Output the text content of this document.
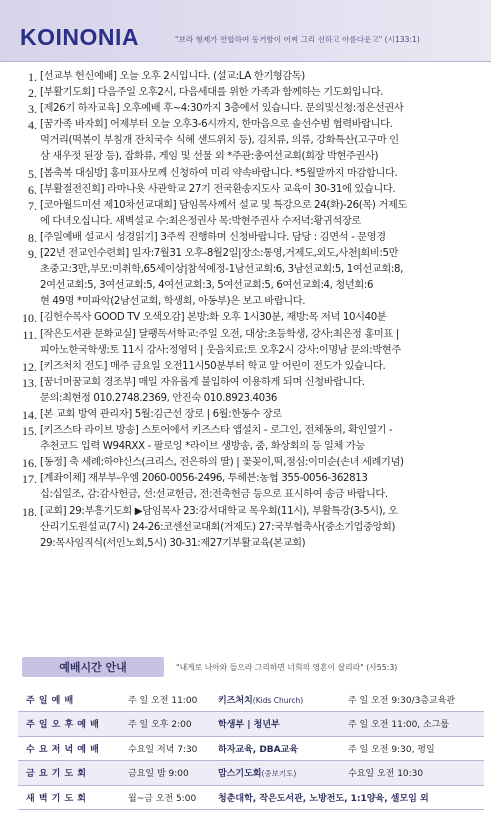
KOINONIA	"보라 형제가 연합하여 동거함이 어찌 그리 선하고 아름다운고" (시133:1)
1. [선교부 헌신예배] 오늘 오후 2시입니다. (설교:LA 한기형감독)
2. [부활기도회] 다음주일 오후2시, 다음세대를 위한 가족과 함께하는 기도회입니다.
3. [제26기 하자교육] 오후예배 후~4:30까지 3층에서 있습니다. 문의및신청:정은선권사
4. [꿈가족 바자회] 어제부터 오늘 오후3-6시까지, 한마음으로 솔선수범 협력바랍니다.
먹거리(떡볶이 부침개 잔치국수 식혜 샌드위치 등), 김치류, 의류, 강화특산(고구마 인
삼 새우젓 된장 등), 잡화류, 게임 및 선물 외 *주관:총여선교회(회장 박현주권사)
5. [봄축복 대심방] 홍미표사모께 신청하여 미리 약속바랍니다. *5월말까지 마감합니다.
6. [부활절전진회] 라마나욧 사관학교 27기 전국환송지도사 교육이 30-31에 있습니다.
7. [코아월드미션 제10차선교대회] 담임목사께서 설교 및 특강으로 24(화)-26(목) 거제도
에 다녀오십니다. 새벽설교 수:최은정권사 목:박현주권사 수저녁:황귀석장로
8. [주일예배 설교시 성경읽기] 3주씩 진행하며 신청바랍니다. 담당 : 김면석 - 문영경
9. [22년 전교인수련회] 일자:7월31 오후-8월2일|장소:통영,거제도,외도,사천|회비:5만
초중고:3만,부모:미취학,65세이상|참석예정-1남선교회:6, 3남선교회:5, 1여선교회:8,
2여선교회:5, 3여선교회:5, 4여선교회:3, 5여선교회:5, 6여선교회:4, 청년회:6
현 49명 *미파악(2남선교회, 학생회, 아동부)은 보고 바랍니다.
10. [김헌수목사 GOOD TV 오색오감] 본방:화 오후 1시30분, 재방:목 저녁 10시40분
11. [작은도서관 문화교실] 달팽독서학교:주일 오전, 대상:초등학생, 강사:최은정 홍미표 |
피아노한국학생:토 11시 강사:정영덕 | 웃음치료:토 오후2시 강사:이명남 문의:박현주
12. [키즈처치 전도] 매주 금요일 오전11시50분부터 학교 앞 어린이 전도가 있습니다.
13. [꿈너머꿈교회 경조부] 매일 자유롭게 불입하여 이용하게 되며 신청바랍니다.
문의:최현정 010.2748.2369, 안진숙 010.8923.4036
14. [본 교회 방역 관리자] 5월:김근선 장로 | 6월:한동수 장로
15. [키즈스타 라이브 방송] 스토어에서 키즈스타 앱설치 - 로그인, 전체동의, 확인열기 -
추천코드 입력 W94RXX - 팔로잉 *라이브 생방송, 줌, 화상회의 등 일체 가능
16. [동정] 축 세례:하야신스(크리스, 전은하의 딸) | 꽃꽂이,떡,점심:이미순(손녀 세례기념)
17. [계좌이체] 재부부-우엠 2060-0056-2496, 투헤븐:농협 355-0056-362813
십:십일조, 감:감사헌금, 선:선교헌금, 전:전축헌금 등으로 표시하여 송금 바랍니다.
18. [교회] 29:부흥기도회 ▶담임목사 23:강서대학교 목우회(11시), 부활특강(3-5시), 오
산리기도원설교(7시) 24-26:코센선교대회(거제도) 27:국부협축사(중소기업중앙회)
29:목사임직식(서인노회,5시) 30-31:제27기부활교육(본교회)
예배시간 안내	"내게로 나아와 들으라 그리하면 너희의 영혼이 살리라" (사55:3)
주 일 예 배	주 일 오전 11:00	키즈처치(Kids Church)	주 일 오전 9:30/3층교육관
주 일 오 후 예 배	주 일 오후 2:00	학생부 | 청년부	주 일 오전 11:00, 소그룹
수 요 저 녁 예 배	수요일 저녁 7:30	하자교육, DBA교육	주 일 오전 9:30, 평일
금 요 기 도 회	금요일 밤 9:00	맘스기도회(중보기도)	수요일 오전 10:30
새 벽 기 도 회	월~금 오전 5:00	청춘대학, 작은도서관, 노방전도, 1:1양육, 셀모임 외	
